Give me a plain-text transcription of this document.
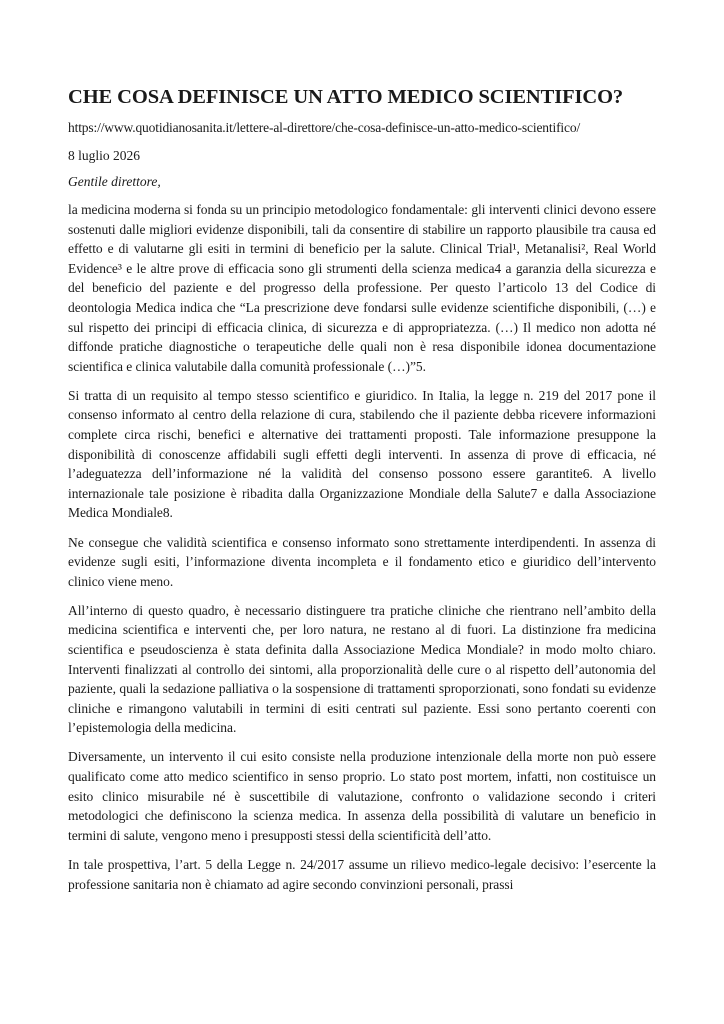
CHE COSA DEFINISCE UN ATTO MEDICO SCIENTIFICO?
https://www.quotidianosanita.it/lettere-al-direttore/che-cosa-definisce-un-atto-medico-scientifico/
8 luglio 2026
Gentile direttore,

la medicina moderna si fonda su un principio metodologico fondamentale: gli interventi clinici devono essere sostenuti dalle migliori evidenze disponibili, tali da consentire di stabilire un rapporto plausibile tra causa ed effetto e di valutarne gli esiti in termini di beneficio per la salute. Clinical Trial¹, Metanalisi², Real World Evidence³ e le altre prove di efficacia sono gli strumenti della scienza medica4 a garanzia della sicurezza e del beneficio del paziente e del progresso della professione. Per questo l’articolo 13 del Codice di deontologia Medica indica che “La prescrizione deve fondarsi sulle evidenze scientifiche disponibili, (…) e sul rispetto dei principi di efficacia clinica, di sicurezza e di appropriatezza. (…) Il medico non adotta né diffonde pratiche diagnostiche o terapeutiche delle quali non è resa disponibile idonea documentazione scientifica e clinica valutabile dalla comunità professionale (…)”5.

Si tratta di un requisito al tempo stesso scientifico e giuridico. In Italia, la legge n. 219 del 2017 pone il consenso informato al centro della relazione di cura, stabilendo che il paziente debba ricevere informazioni complete circa rischi, benefici e alternative dei trattamenti proposti. Tale informazione presuppone la disponibilità di conoscenze affidabili sugli effetti degli interventi. In assenza di prove di efficacia, né l’adeguatezza dell’informazione né la validità del consenso possono essere garantite6. A livello internazionale tale posizione è ribadita dalla Organizzazione Mondiale della Salute7 e dalla Associazione Medica Mondiale8.

Ne consegue che validità scientifica e consenso informato sono strettamente interdipendenti. In assenza di evidenze sugli esiti, l’informazione diventa incompleta e il fondamento etico e giuridico dell’intervento clinico viene meno.

All’interno di questo quadro, è necessario distinguere tra pratiche cliniche che rientrano nell’ambito della medicina scientifica e interventi che, per loro natura, ne restano al di fuori. La distinzione fra medicina scientifica e pseudoscienza è stata definita dalla Associazione Medica Mondiale? in modo molto chiaro. Interventi finalizzati al controllo dei sintomi, alla proporzionalità delle cure o al rispetto dell’autonomia del paziente, quali la sedazione palliativa o la sospensione di trattamenti sproporzionati, sono fondati su evidenze cliniche e rimangono valutabili in termini di esiti centrati sul paziente. Essi sono pertanto coerenti con l’epistemologia della medicina.

Diversamente, un intervento il cui esito consiste nella produzione intenzionale della morte non può essere qualificato come atto medico scientifico in senso proprio. Lo stato post mortem, infatti, non costituisce un esito clinico misurabile né è suscettibile di valutazione, confronto o validazione secondo i criteri metodologici che definiscono la scienza medica. In assenza della possibilità di valutare un beneficio in termini di salute, vengono meno i presupposti stessi della scientificità dell’atto.

In tale prospettiva, l’art. 5 della Legge n. 24/2017 assume un rilievo medico-legale decisivo: l’esercente la professione sanitaria non è chiamato ad agire secondo convinzioni personali, prassi
